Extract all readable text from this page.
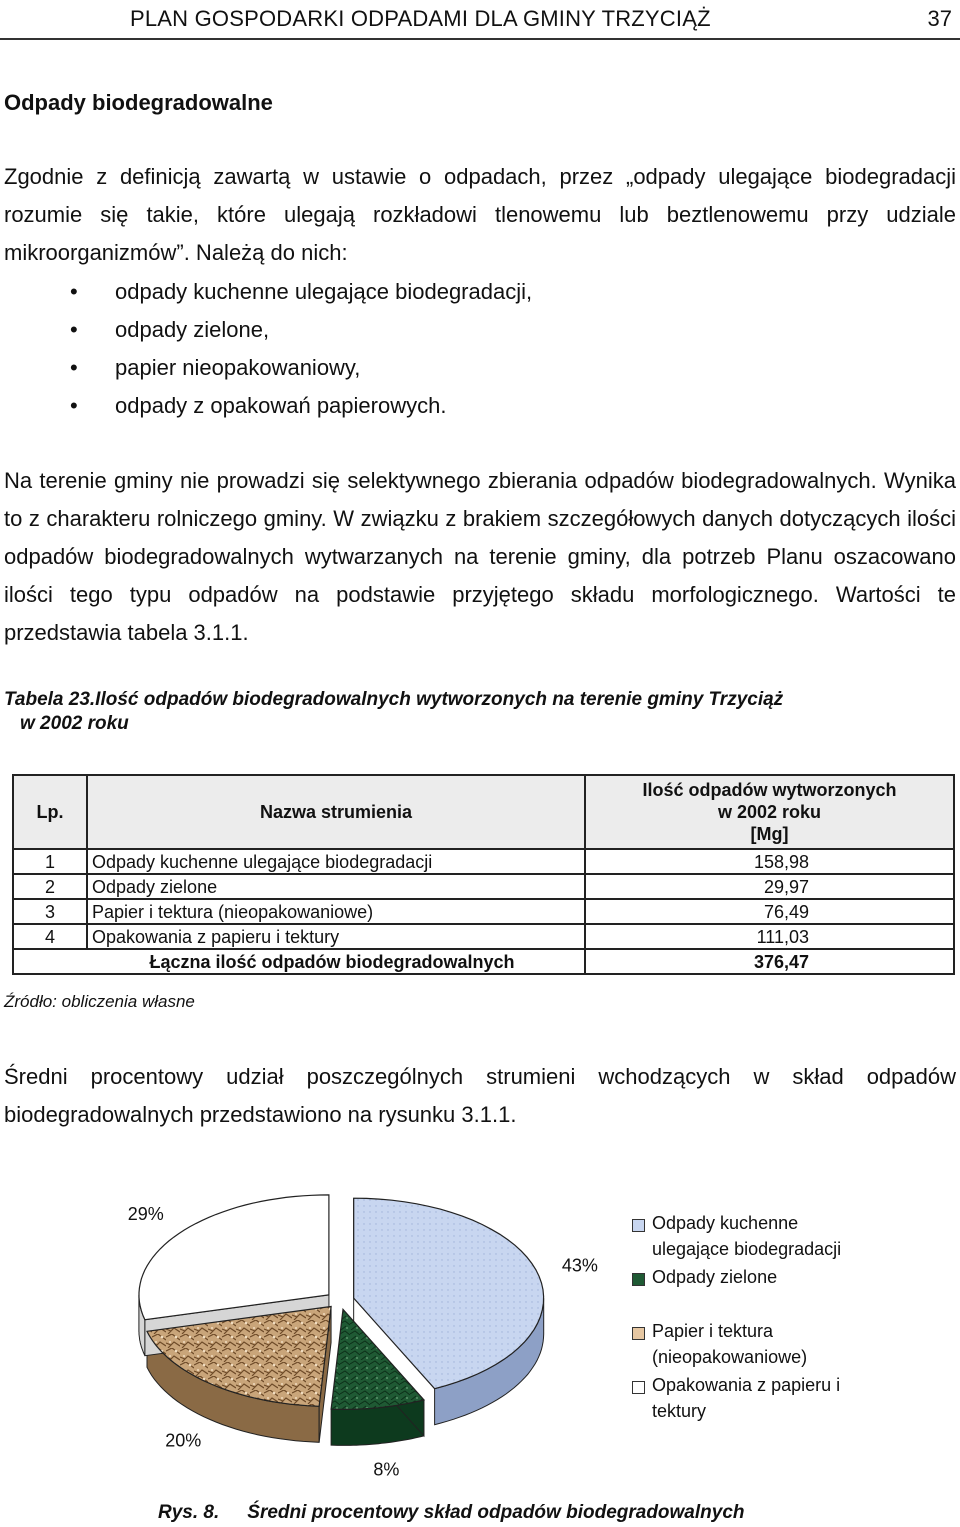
PLAN GOSPODARKI ODPADAMI DLA GMINY TRZYCIĄŻ	37
Odpady biodegradowalne

Zgodnie z definicją zawartą w ustawie o odpadach, przez „odpady ulegające biodegradacji rozumie się takie, które ulegają rozkładowi tlenowemu lub beztlenowemu przy udziale mikroorganizmów”. Należą do nich:

• odpady kuchenne ulegające biodegradacji,
• odpady zielone,
• papier nieopakowaniowy,
• odpady z opakowań papierowych.

Na terenie gminy nie prowadzi się selektywnego zbierania odpadów biodegradowalnych. Wynika to z charakteru rolniczego gminy. W związku z brakiem szczegółowych danych dotyczących ilości odpadów biodegradowalnych wytwarzanych na terenie gminy, dla potrzeb Planu oszacowano ilości tego typu odpadów na podstawie przyjętego składu morfologicznego. Wartości te przedstawia tabela 3.1.1.

Tabela 23.Ilość odpadów biodegradowalnych wytworzonych na terenie gminy Trzyciąż
w 2002 roku
Lp.	Nazwa strumienia	Ilość odpadów wytworzonych
w 2002 roku
[Mg]
1	Odpady kuchenne ulegające biodegradacji	158,98
2	Odpady zielone	29,97
3	Papier i tektura (nieopakowaniowe)	76,49
4	Opakowania z papieru i tektury	111,03
Łączna ilość odpadów biodegradowalnych		376,47
Źródło: obliczenia własne

Średni procentowy udział poszczególnych strumieni wchodzących w skład odpadów biodegradowalnych przedstawiono na rysunku 3.1.1.

43%
8%
20%
29%	Odpady kuchenne
ulegające biodegradacji
Odpady zielone
Papier i tektura
(nieopakowaniowe)
Opakowania z papieru i
tektury
Rys. 8. Średni procentowy skład odpadów biodegradowalnych
